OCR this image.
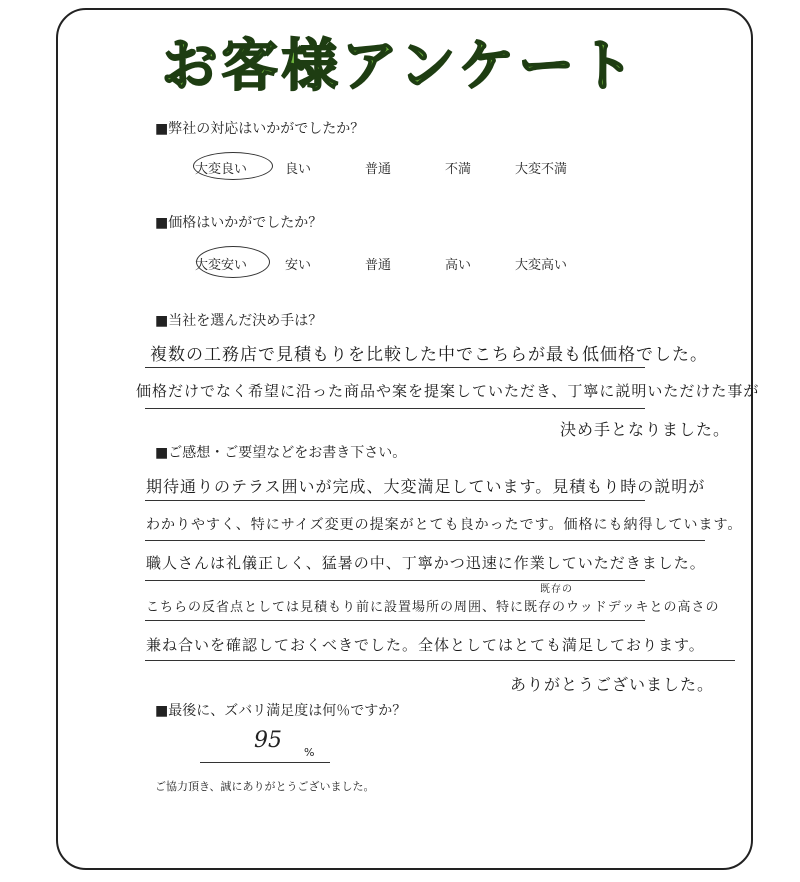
お客様アンケート
■弊社の対応はいかがでしたか？
大変良い	良い	普通	不満	大変不満
■価格はいかがでしたか？
大変安い	安い	普通	高い	大変高い
■当社を選んだ決め手は？
複数の工務店で見積もりを比較した中でこちらが最も低価格でした。
価格だけでなく希望に沿った商品や案を提案していただき、丁寧に説明いただけた事が
決め手となりました。
■ご感想・ご要望などをお書き下さい。
期待通りのテラス囲いが完成、大変満足しています。見積もり時の説明が
わかりやすく、特にサイズ変更の提案がとても良かったです。価格にも納得しています。
職人さんは礼儀正しく、猛暑の中、丁寧かつ迅速に作業していただきました。
既存の
こちらの反省点としては見積もり前に設置場所の周囲、特に既存のウッドデッキとの高さの
兼ね合いを確認しておくべきでした。全体としてはとても満足しております。
ありがとうございました。
■最後に、ズバリ満足度は何％ですか？
95 %
ご協力頂き、誠にありがとうございました。
